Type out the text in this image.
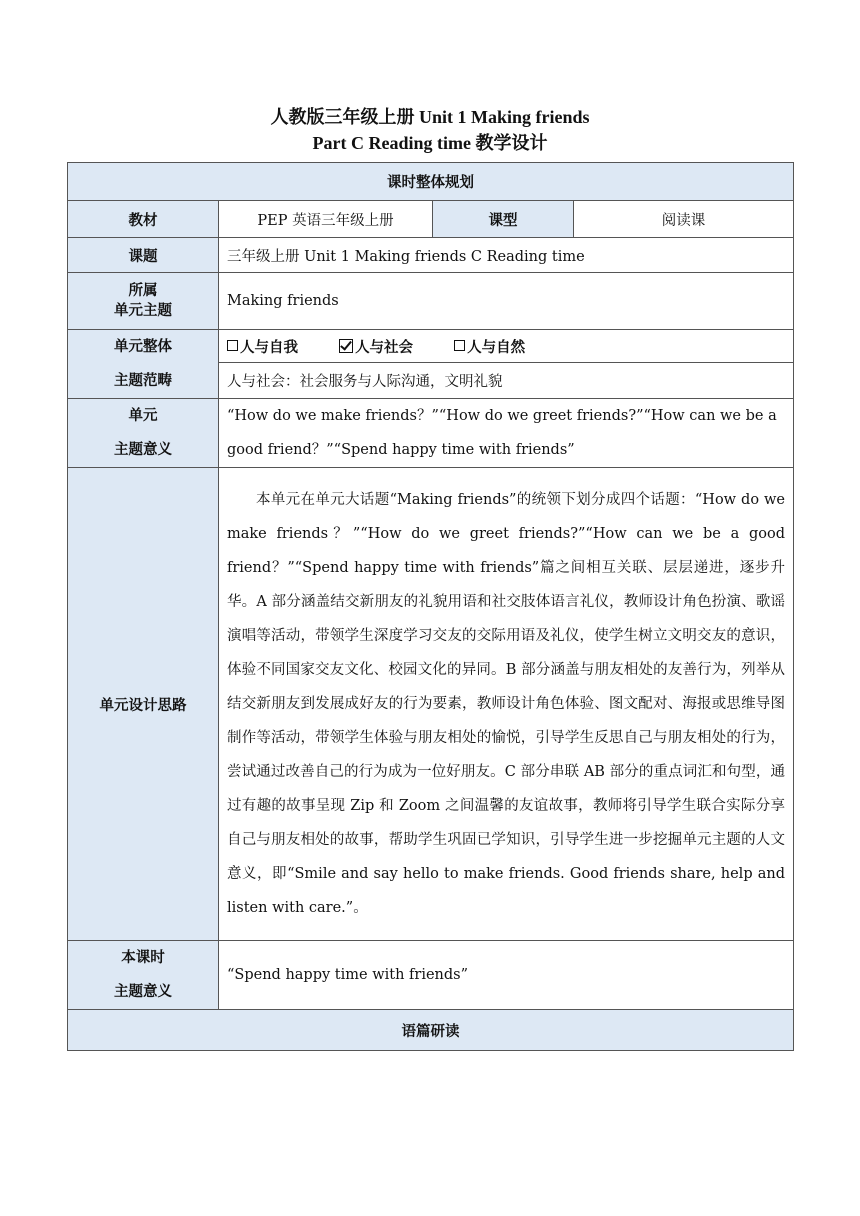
人教版三年级上册 Unit 1 Making friends
Part C Reading time 教学设计
课时整体规划			
教材	PEP 英语三年级上册	课型	阅读课
课题	三年级上册 Unit 1 Making friends C Reading time		

所属
单元主题	Making friends		

单元整体
主题范畴	人与自我 人与社会 人与自然		
	人与社会：社会服务与人际沟通，文明礼貌		

单元
主题意义	“How do we make friends？”“How do we greet friends?”“How can we be a good friend？”“Spend happy time with friends”		
单元设计思路	本单元在单元大话题“Making friends”的统领下划分成四个话题：“How do we make friends？”“How do we greet friends?”“How can we be a good friend？”“Spend happy time with friends”篇之间相互关联、层层递进，逐步升华。A 部分涵盖结交新朋友的礼貌用语和社交肢体语言礼仪，教师设计角色扮演、歌谣演唱等活动，带领学生深度学习交友的交际用语及礼仪，使学生树立文明交友的意识，体验不同国家交友文化、校园文化的异同。B 部分涵盖与朋友相处的友善行为，列举从结交新朋友到发展成好友的行为要素，教师设计角色体验、图文配对、海报或思维导图制作等活动，带领学生体验与朋友相处的愉悦，引导学生反思自己与朋友相处的行为，尝试通过改善自己的行为成为一位好朋友。C 部分串联 AB 部分的重点词汇和句型，通过有趣的故事呈现 Zip 和 Zoom 之间温馨的友谊故事，教师将引导学生联合实际分享自己与朋友相处的故事，帮助学生巩固已学知识，引导学生进一步挖掘单元主题的人文意义，即“Smile and say hello to make friends. Good friends share, help and listen with care.”。		

本课时
主题意义	“Spend happy time with friends”		
语篇研读			
